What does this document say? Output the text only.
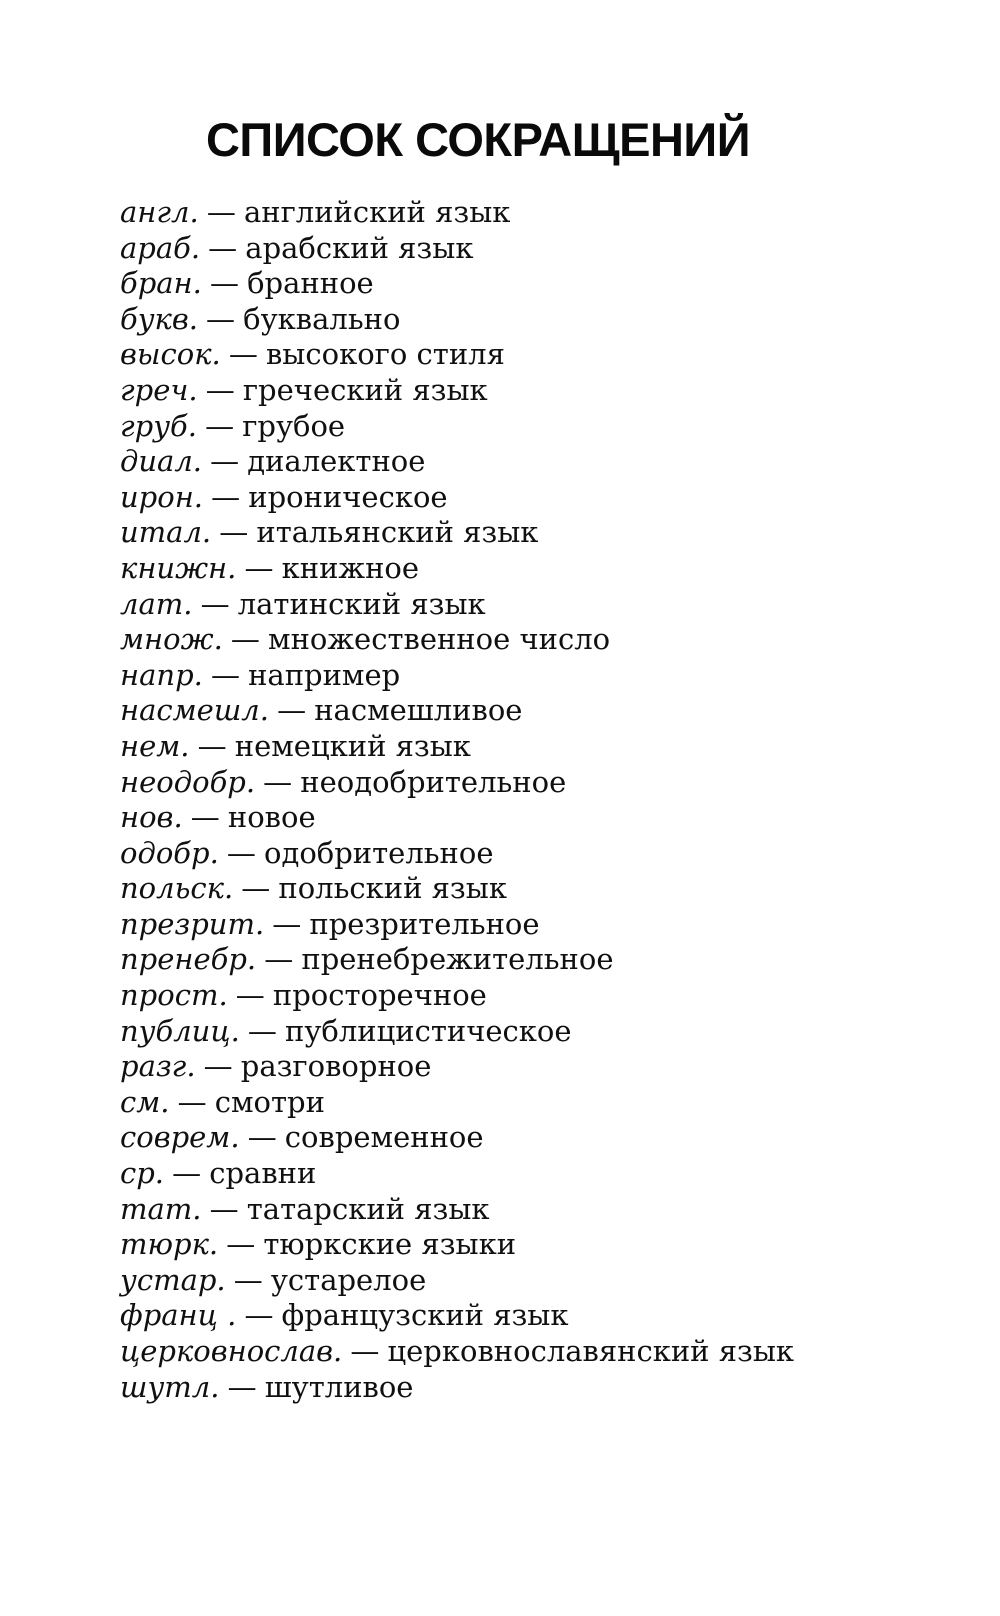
СПИСОК СОКРАЩЕНИЙ
англ. — английский язык
араб. — арабский язык
бран. — бранное
букв. — буквально
высок. — высокого стиля
греч. — греческий язык
груб. — грубое
диал. — диалектное
ирон. — ироническое
итал. — итальянский язык
книжн. — книжное
лат. — латинский язык
множ. — множественное число
напр. — например
насмешл. — насмешливое
нем. — немецкий язык
неодобр. — неодобрительное
нов. — новое
одобр. — одобрительное
польск. — польский язык
презрит. — презрительное
пренебр. — пренебрежительное
прост. — просторечное
публиц. — публицистическое
разг. — разговорное
см. — смотри
соврем. — современное
ср. — сравни
тат. — татарский язык
тюрк. — тюркские языки
устар. — устарелое
франц . — французский язык
церковнослав. — церковнославянский язык
шутл. — шутливое
